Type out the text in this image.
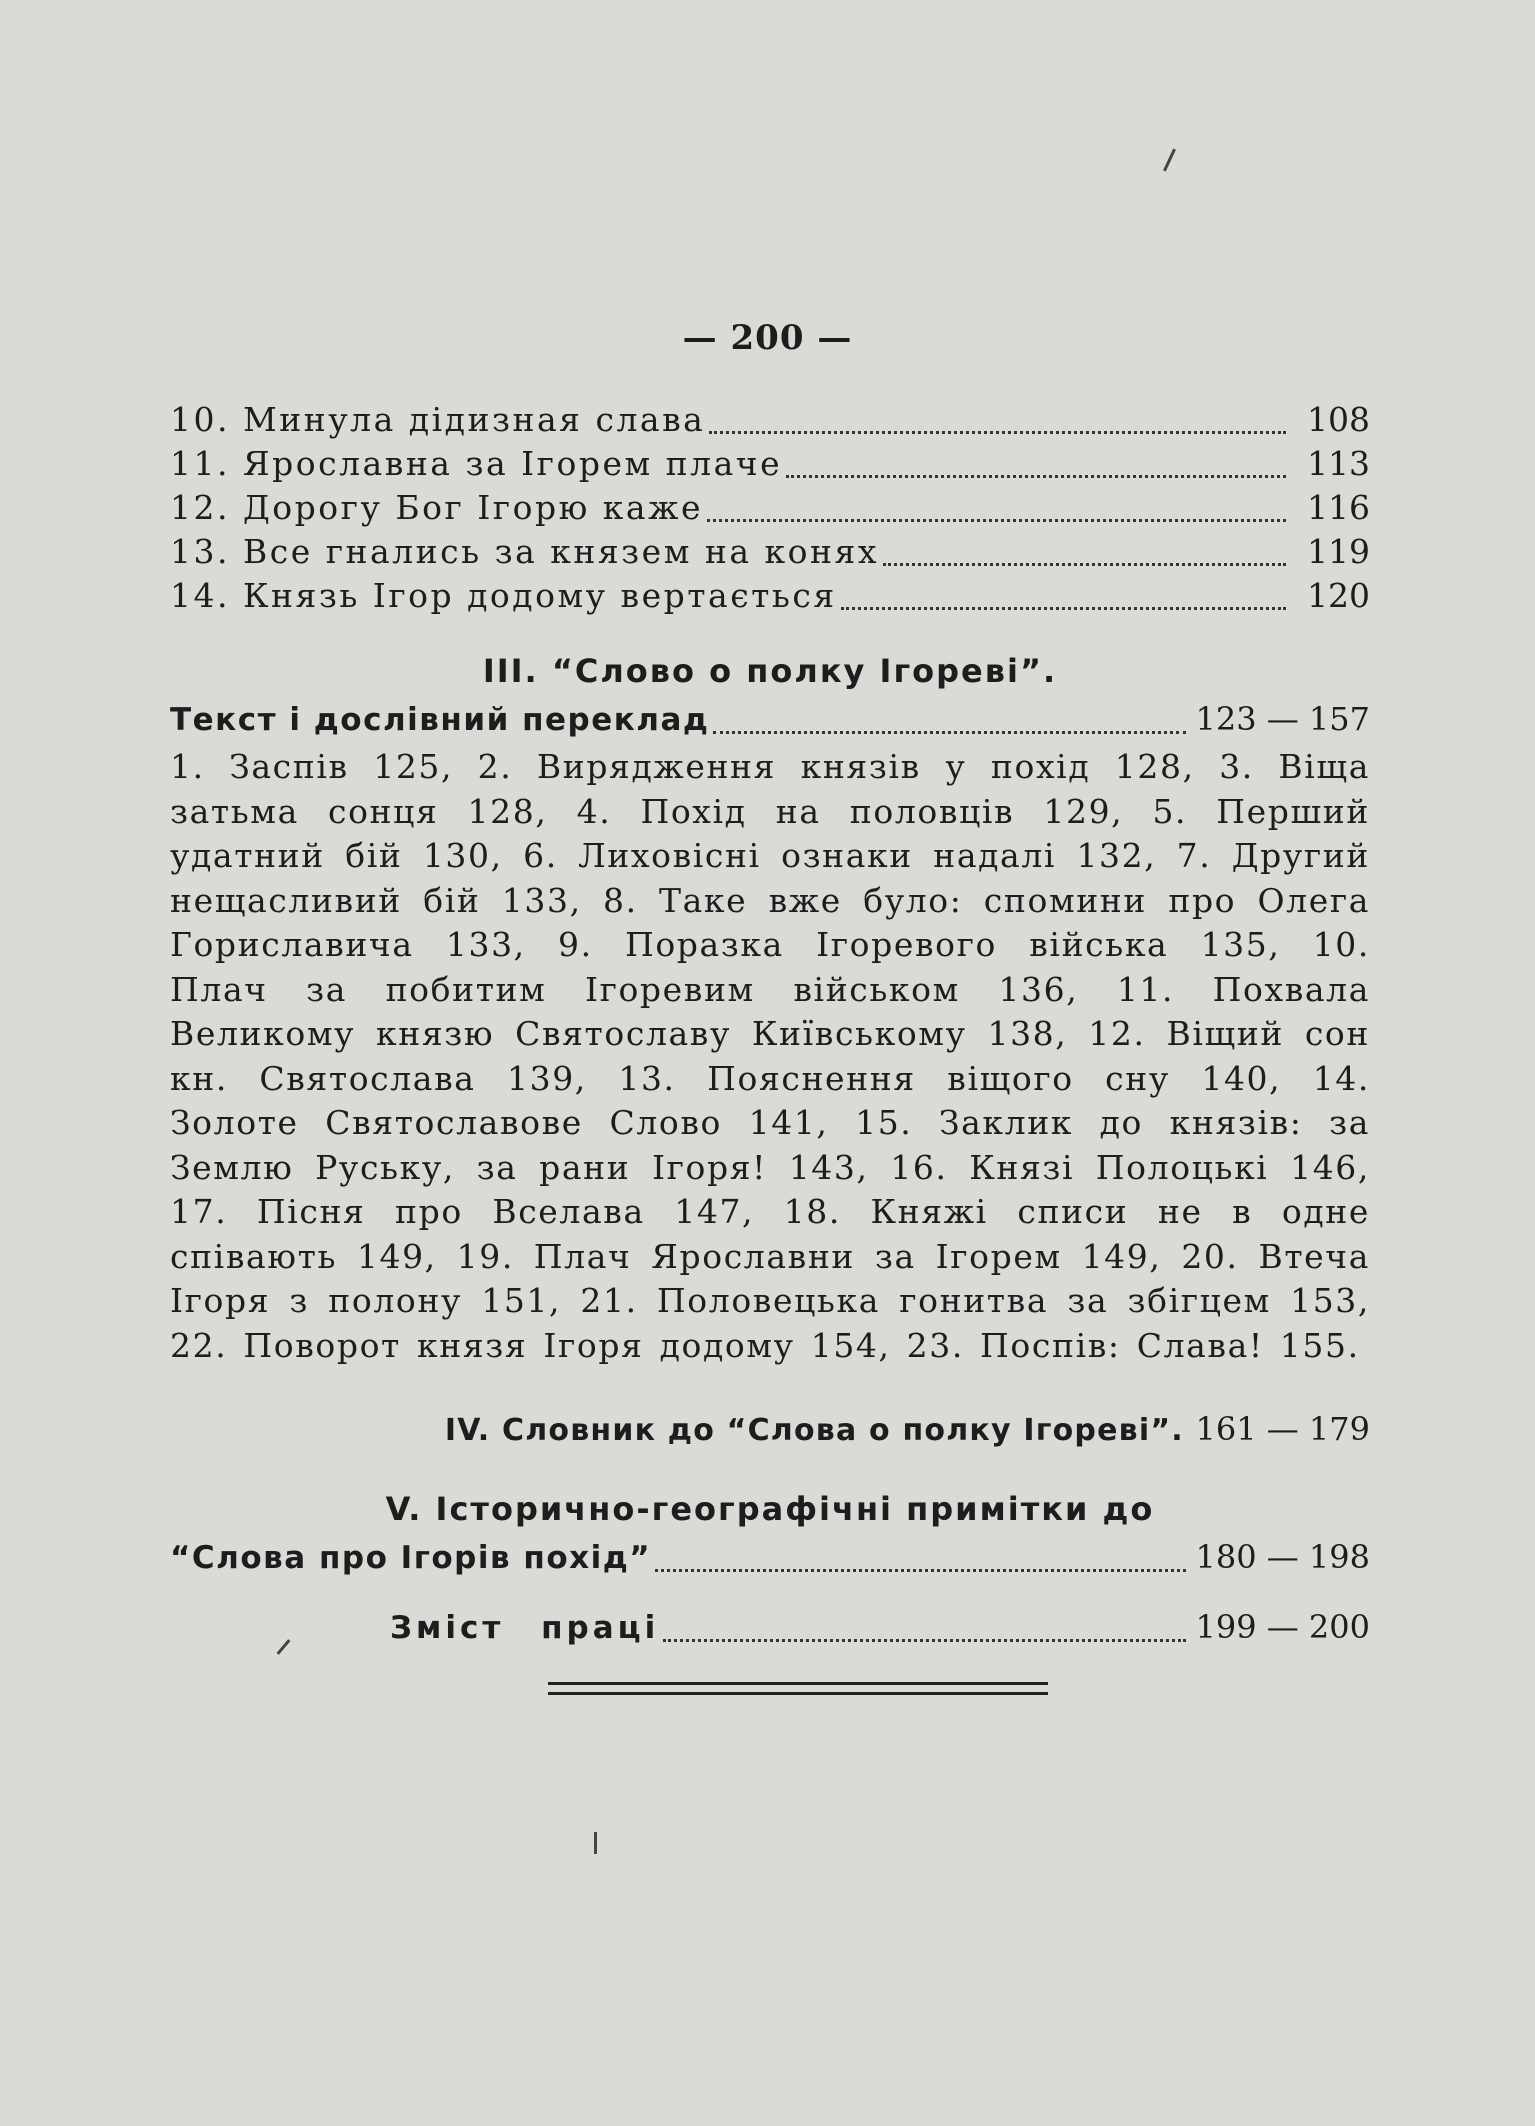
— 200 —
10. Минула дідизная слава	108
11. Ярославна за Ігорем плаче	113
12. Дорогу Бог Ігорю каже	116
13. Все гнались за князем на конях	119
14. Князь Ігор додому вертається	120
III. “Слово о полку Ігореві”.
Текст і дослівний переклад	123 — 157
1. Заспів 125, 2. Вирядження князів у похід 128, 3. Віща затьма сонця 128, 4. Похід на половців 129, 5. Перший удатний бій 130, 6. Лиховісні ознаки надалі 132, 7. Другий нещасливий бій 133, 8. Таке вже було: спомини про Олега Гориславича 133, 9. Поразка Ігоревого війська 135, 10. Плач за побитим Ігоревим військом 136, 11. Похвала Великому князю Святославу Київському 138, 12. Віщий сон кн. Святослава 139, 13. Пояснення віщого сну 140, 14. Золоте Святославове Слово 141, 15. Заклик до князів: за Землю Руську, за рани Ігоря! 143, 16. Князі Полоцькі 146, 17. Пісня про Вселава 147, 18. Княжі списи не в одне співають 149, 19. Плач Ярославни за Ігорем 149, 20. Втеча Ігоря з полону 151, 21. Половецька гонитва за збігцем 153, 22. Поворот князя Ігоря додому 154, 23. Поспів: Слава! 155.
IV. Словник до “Слова о полку Ігореві”. 161 — 179
V. Історично-географічні примітки до
“Слова про Ігорів похід”	180 — 198
Зміст праці	199 — 200
